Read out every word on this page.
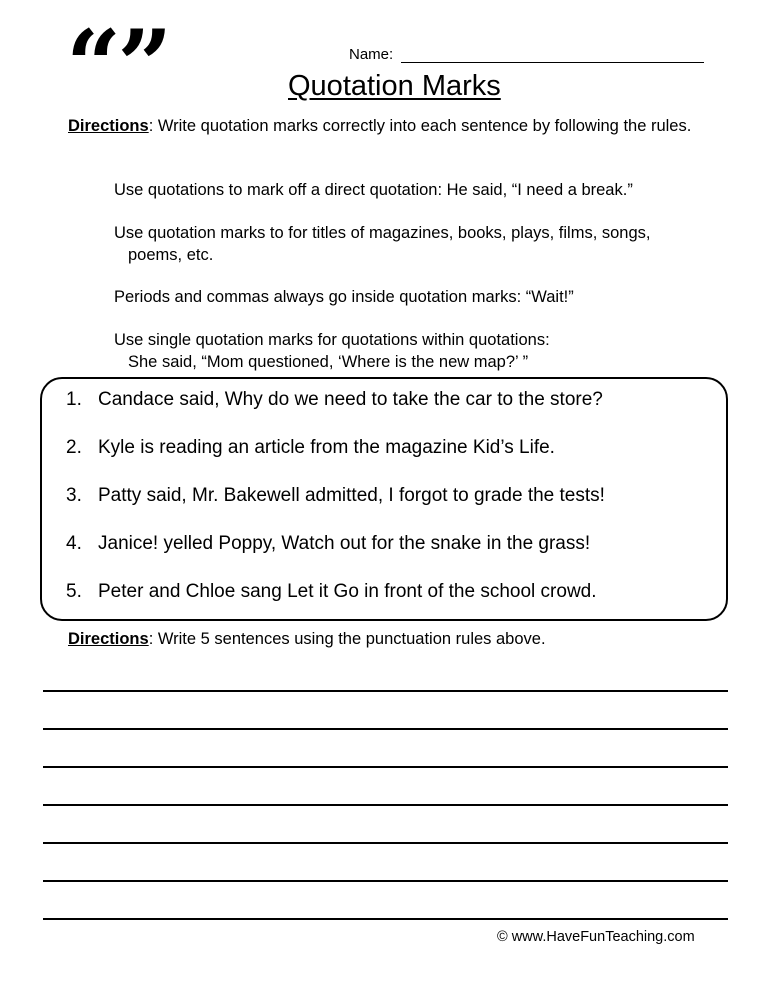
“”	Name:
Quotation Marks
Directions: Write quotation marks correctly into each sentence by following the rules.
Use quotations to mark off a direct quotation: He said, “I need a break.”
Use quotation marks to for titles of magazines, books, plays, films, songs,
poems, etc.
Periods and commas always go inside quotation marks: “Wait!”
Use single quotation marks for quotations within quotations:
She said, “Mom questioned, ‘Where is the new map?’ ”
1. Candace said, Why do we need to take the car to the store?
2. Kyle is reading an article from the magazine Kid’s Life.
3. Patty said, Mr. Bakewell admitted, I forgot to grade the tests!
4. Janice! yelled Poppy, Watch out for the snake in the grass!
5. Peter and Chloe sang Let it Go in front of the school crowd.
Directions: Write 5 sentences using the punctuation rules above.
© www.HaveFunTeaching.com
